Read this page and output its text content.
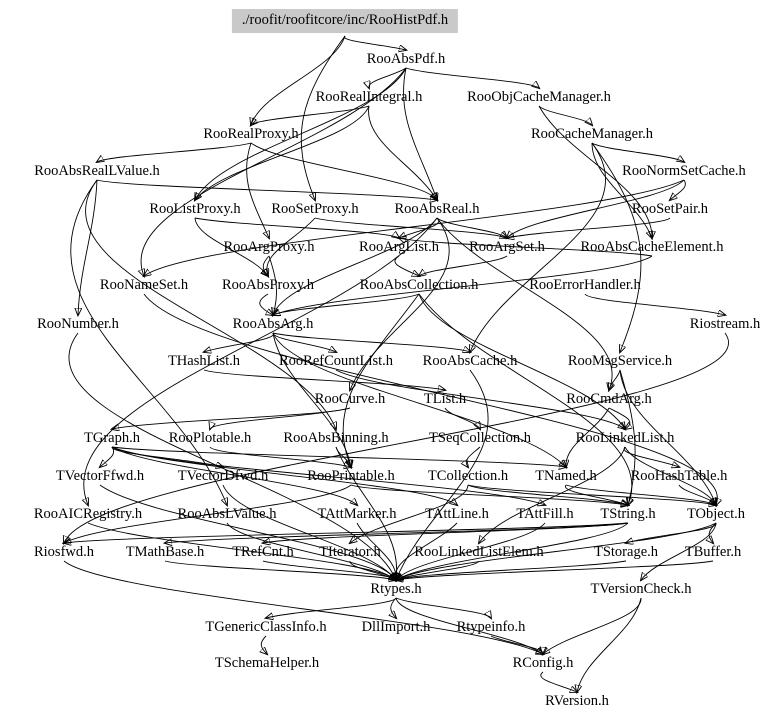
./roofit/roofitcore/inc/RooHistPdf.h
RooAbsPdf.h
RooRealIntegral.h	RooObjCacheManager.h
RooRealProxy.h	RooCacheManager.h
RooAbsRealLValue.h	RooNormSetCache.h
RooListProxy.h RooSetProxy.h RooAbsReal.h	RooSetPair.h
RooArgProxy.h	RooArgList.h RooArgSet.h RooAbsCacheElement.h
RooNameSet.h RooAbsProxy.h	RooAbsCollection.h	RooErrorHandler.h
RooNumber.h	RooAbsArg.h	Riostream.h
THashList.h	RooRefCountList.h RooAbsCache.h	RooMsgService.h
RooCurve.h	TList.h	RooCmdArg.h
TGraph.h RooPlotable.h RooAbsBinning.h	TSeqCollection.h	RooLinkedList.h
TVectorFfwd.h TVectorDfwd.h	RooPrintable.h TCollection.h TNamed.h RooHashTable.h
RooAICRegistry.h RooAbsLValue.h	TAttMarker.h TAttLine.h TAttFill.h TString.h TObject.h
Riosfwd.h TMathBase.h TRefCnt.h TIterator.h RooLinkedListElem.h	TStorage.h TBuffer.h
Rtypes.h	TVersionCheck.h
TGenericClassInfo.h DllImport.h Rtypeinfo.h
TSchemaHelper.h	RConfig.h
RVersion.h
